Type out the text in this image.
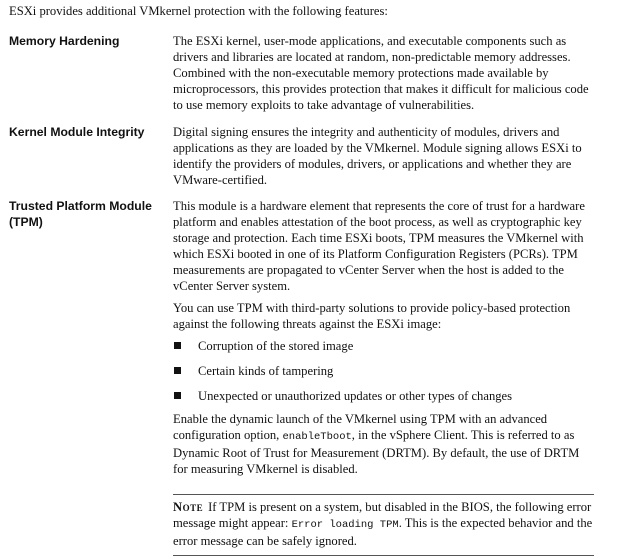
ESXi provides additional VMkernel protection with the following features:
Memory Hardening	The ESXi kernel, user-mode applications, and executable components such as drivers and libraries are located at random, non-predictable memory addresses. Combined with the non-executable memory protections made available by microprocessors, this provides protection that makes it difficult for malicious code to use memory exploits to take advantage of vulnerabilities.

Kernel Module Integrity	Digital signing ensures the integrity and authenticity of modules, drivers and applications as they are loaded by the VMkernel. Module signing allows ESXi to identify the providers of modules, drivers, or applications and whether they are VMware-certified.

Trusted Platform Module (TPM)

This module is a hardware element that represents the core of trust for a hardware platform and enables attestation of the boot process, as well as cryptographic key storage and protection. Each time ESXi boots, TPM measures the VMkernel with which ESXi booted in one of its Platform Configuration Registers (PCRs). TPM measurements are propagated to vCenter Server when the host is added to the vCenter Server system.

You can use TPM with third-party solutions to provide policy-based protection against the following threats against the ESXi image:

Corruption of the stored image
Certain kinds of tampering
Unexpected or unauthorized updates or other types of changes

Enable the dynamic launch of the VMkernel using TPM with an advanced configuration option, enableTboot, in the vSphere Client. This is referred to as Dynamic Root of Trust for Measurement (DRTM). By default, the use of DRTM for measuring VMkernel is disabled.

Note If TPM is present on a system, but disabled in the BIOS, the following error message might appear: Error loading TPM. This is the expected behavior and the error message can be safely ignored.
